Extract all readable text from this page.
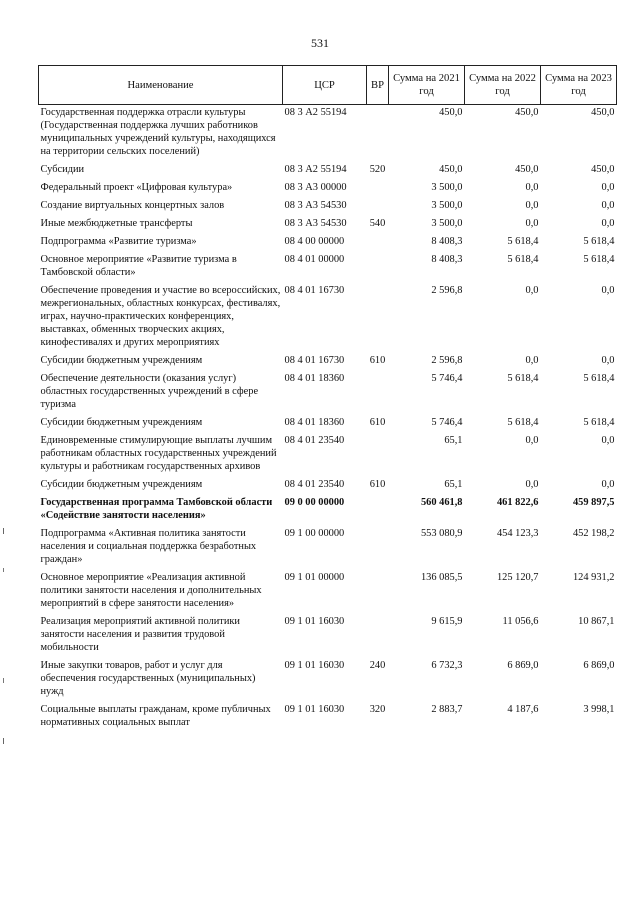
531
Наименование	ЦСР	ВР	Сумма на 2021 год	Сумма на 2022 год	Сумма на 2023 год
Государственная поддержка отрасли культуры (Государственная поддержка лучших работников муниципальных учреждений культуры, находящихся на территории сельских поселений)	08 3 А2 55194		450,0	450,0	450,0
Субсидии	08 3 А2 55194	520	450,0	450,0	450,0
Федеральный проект «Цифровая культура»	08 3 А3 00000		3 500,0	0,0	0,0
Создание виртуальных концертных залов	08 3 А3 54530		3 500,0	0,0	0,0
Иные межбюджетные трансферты	08 3 А3 54530	540	3 500,0	0,0	0,0
Подпрограмма «Развитие туризма»	08 4 00 00000		8 408,3	5 618,4	5 618,4
Основное мероприятие «Развитие туризма в Тамбовской области»	08 4 01 00000		8 408,3	5 618,4	5 618,4
Обеспечение проведения и участие во всероссийских, межрегиональных, областных конкурсах, фестивалях, играх, научно-практических конференциях, выставках, обменных творческих акциях, кинофестивалях и других мероприятиях	08 4 01 16730		2 596,8	0,0	0,0
Субсидии бюджетным учреждениям	08 4 01 16730	610	2 596,8	0,0	0,0
Обеспечение деятельности (оказания услуг) областных государственных учреждений в сфере туризма	08 4 01 18360		5 746,4	5 618,4	5 618,4
Субсидии бюджетным учреждениям	08 4 01 18360	610	5 746,4	5 618,4	5 618,4
Единовременные стимулирующие выплаты лучшим работникам областных государственных учреждений культуры и работникам государственных архивов	08 4 01 23540		65,1	0,0	0,0
Субсидии бюджетным учреждениям	08 4 01 23540	610	65,1	0,0	0,0
Государственная программа Тамбовской области «Содействие занятости населения»	09 0 00 00000		560 461,8	461 822,6	459 897,5
Подпрограмма «Активная политика занятости населения и социальная поддержка безработных граждан»	09 1 00 00000		553 080,9	454 123,3	452 198,2
Основное мероприятие «Реализация активной политики занятости населения и дополнительных мероприятий в сфере занятости населения»	09 1 01 00000		136 085,5	125 120,7	124 931,2
Реализация мероприятий активной политики занятости населения и развития трудовой мобильности	09 1 01 16030		9 615,9	11 056,6	10 867,1
Иные закупки товаров, работ и услуг для обеспечения государственных (муниципальных) нужд	09 1 01 16030	240	6 732,3	6 869,0	6 869,0
Социальные выплаты гражданам, кроме публичных нормативных социальных выплат	09 1 01 16030	320	2 883,7	4 187,6	3 998,1
